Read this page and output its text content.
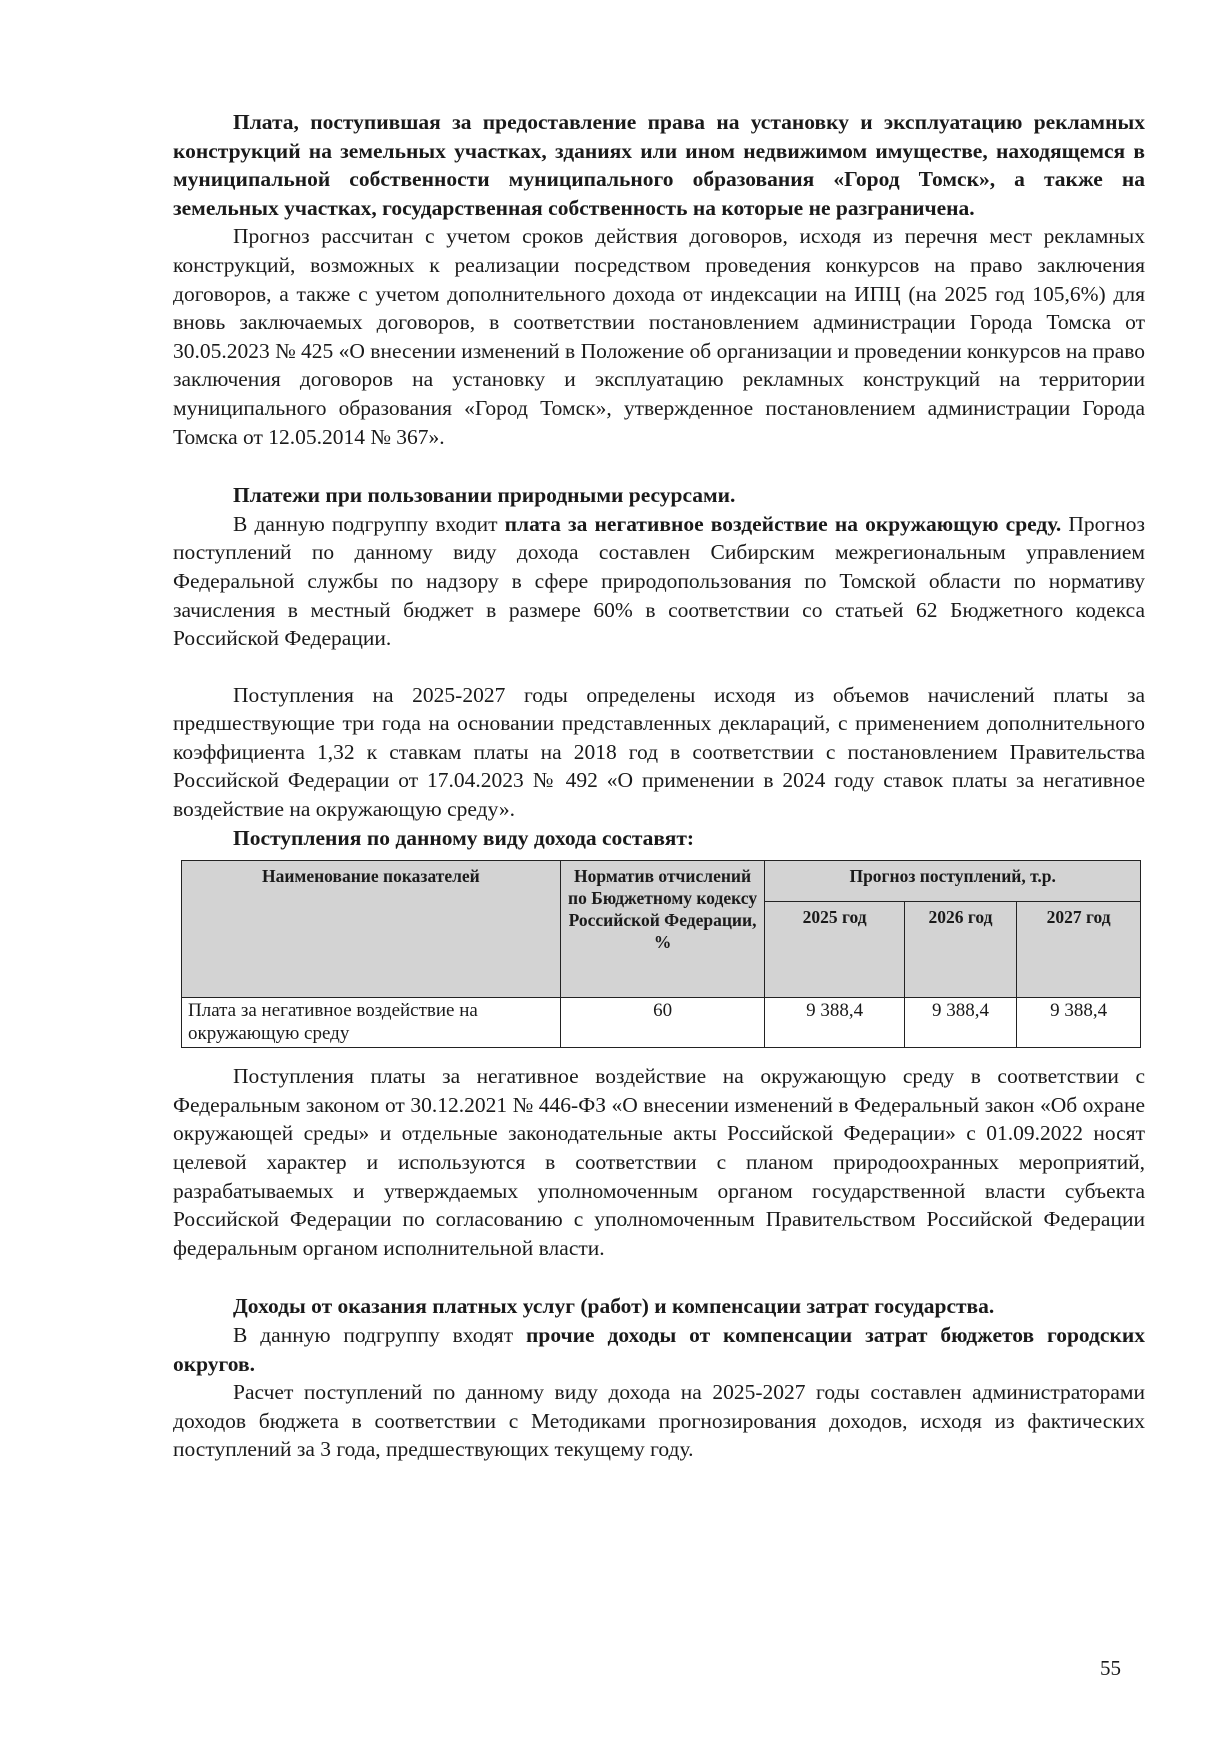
Плата, поступившая за предоставление права на установку и эксплуатацию рекламных конструкций на земельных участках, зданиях или ином недвижимом имуществе, находящемся в муниципальной собственности муниципального образования «Город Томск», а также на земельных участках, государственная собственность на которые не разграничена.

Прогноз рассчитан с учетом сроков действия договоров, исходя из перечня мест рекламных конструкций, возможных к реализации посредством проведения конкурсов на право заключения договоров, а также с учетом дополнительного дохода от индексации на ИПЦ (на 2025 год 105,6%) для вновь заключаемых договоров, в соответствии постановлением администрации Города Томска от 30.05.2023 № 425 «О внесении изменений в Положение об организации и проведении конкурсов на право заключения договоров на установку и эксплуатацию рекламных конструкций на территории муниципального образования «Город Томск», утвержденное постановлением администрации Города Томска от 12.05.2014 № 367».

Платежи при пользовании природными ресурсами.

В данную подгруппу входит плата за негативное воздействие на окружающую среду. Прогноз поступлений по данному виду дохода составлен Сибирским межрегиональным управлением Федеральной службы по надзору в сфере природопользования по Томской области по нормативу зачисления в местный бюджет в размере 60% в соответствии со статьей 62 Бюджетного кодекса Российской Федерации.

Поступления на 2025-2027 годы определены исходя из объемов начислений платы за предшествующие три года на основании представленных деклараций, с применением дополнительного коэффициента 1,32 к ставкам платы на 2018 год в соответствии с постановлением Правительства Российской Федерации от 17.04.2023 № 492 «О применении в 2024 году ставок платы за негативное воздействие на окружающую среду».

Поступления по данному виду дохода составят:

Наименование показателей	Норматив отчислений по Бюджетному кодексу Российской Федерации, %	Прогноз поступлений, т.р.		
		2025 год	2026 год	2027 год
Плата за негативное воздействие на окружающую среду	60	9 388,4	9 388,4	9 388,4

Поступления платы за негативное воздействие на окружающую среду в соответствии с Федеральным законом от 30.12.2021 № 446-ФЗ «О внесении изменений в Федеральный закон «Об охране окружающей среды» и отдельные законодательные акты Российской Федерации» с 01.09.2022 носят целевой характер и используются в соответствии с планом природоохранных мероприятий, разрабатываемых и утверждаемых уполномоченным органом государственной власти субъекта Российской Федерации по согласованию с уполномоченным Правительством Российской Федерации федеральным органом исполнительной власти.

Доходы от оказания платных услуг (работ) и компенсации затрат государства.

В данную подгруппу входят прочие доходы от компенсации затрат бюджетов городских округов.

Расчет поступлений по данному виду дохода на 2025-2027 годы составлен администраторами доходов бюджета в соответствии с Методиками прогнозирования доходов, исходя из фактических поступлений за 3 года, предшествующих текущему году.

55
